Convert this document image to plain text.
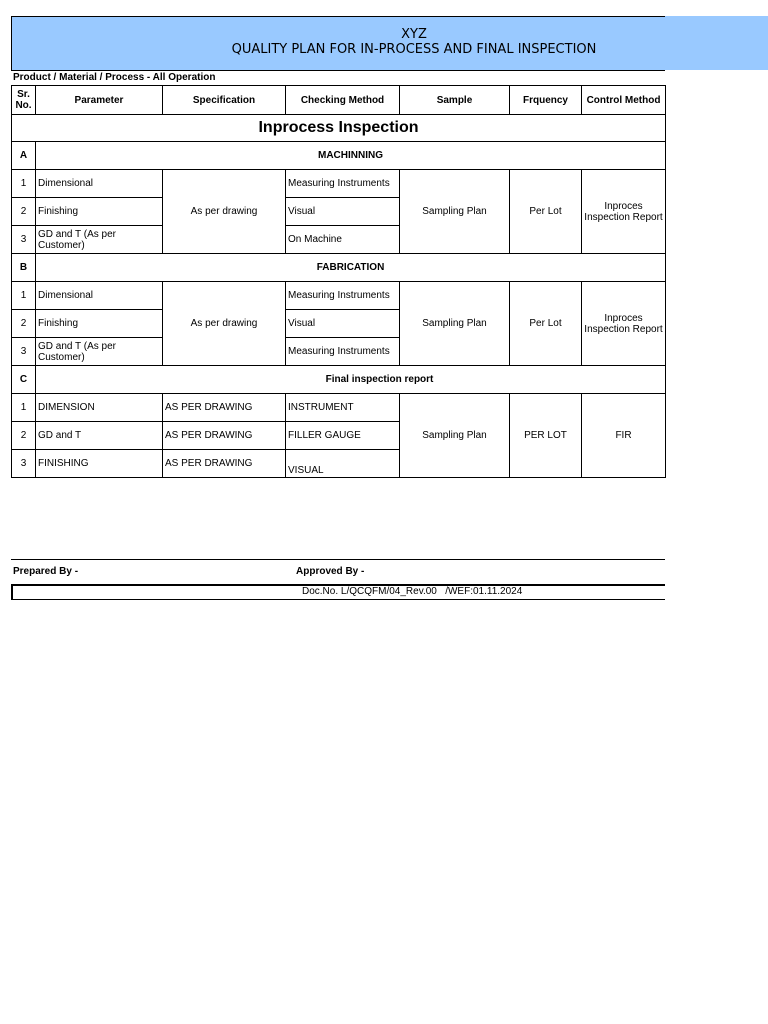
XYZ
QUALITY PLAN FOR IN-PROCESS AND FINAL INSPECTION
Product / Material / Process - All Operation
Sr. No.	Parameter	Specification	Checking Method	Sample	Frquency	Control Method
Inprocess Inspection						
A	MACHINNING					
1	Dimensional	As per drawing	Measuring Instruments	Sampling Plan	Per Lot	Inproces Inspection Report
2	Finishing		Visual			
3	GD and T (As per Customer)		On Machine			
B	FABRICATION					
1	Dimensional	As per drawing	Measuring Instruments	Sampling Plan	Per Lot	Inproces Inspection Report
2	Finishing		Visual			
3	GD and T (As per Customer)		Measuring Instruments			
C	Final inspection report					
1	DIMENSION	AS PER DRAWING	INSTRUMENT	Sampling Plan	PER LOT	FIR
2	GD and T	AS PER DRAWING	FILLER GAUGE			
3	FINISHING	AS PER DRAWING	VISUAL			
Prepared By -	Approved By -
Doc.No. L/QCQFM/04_Rev.00   /WEF:01.11.2024
